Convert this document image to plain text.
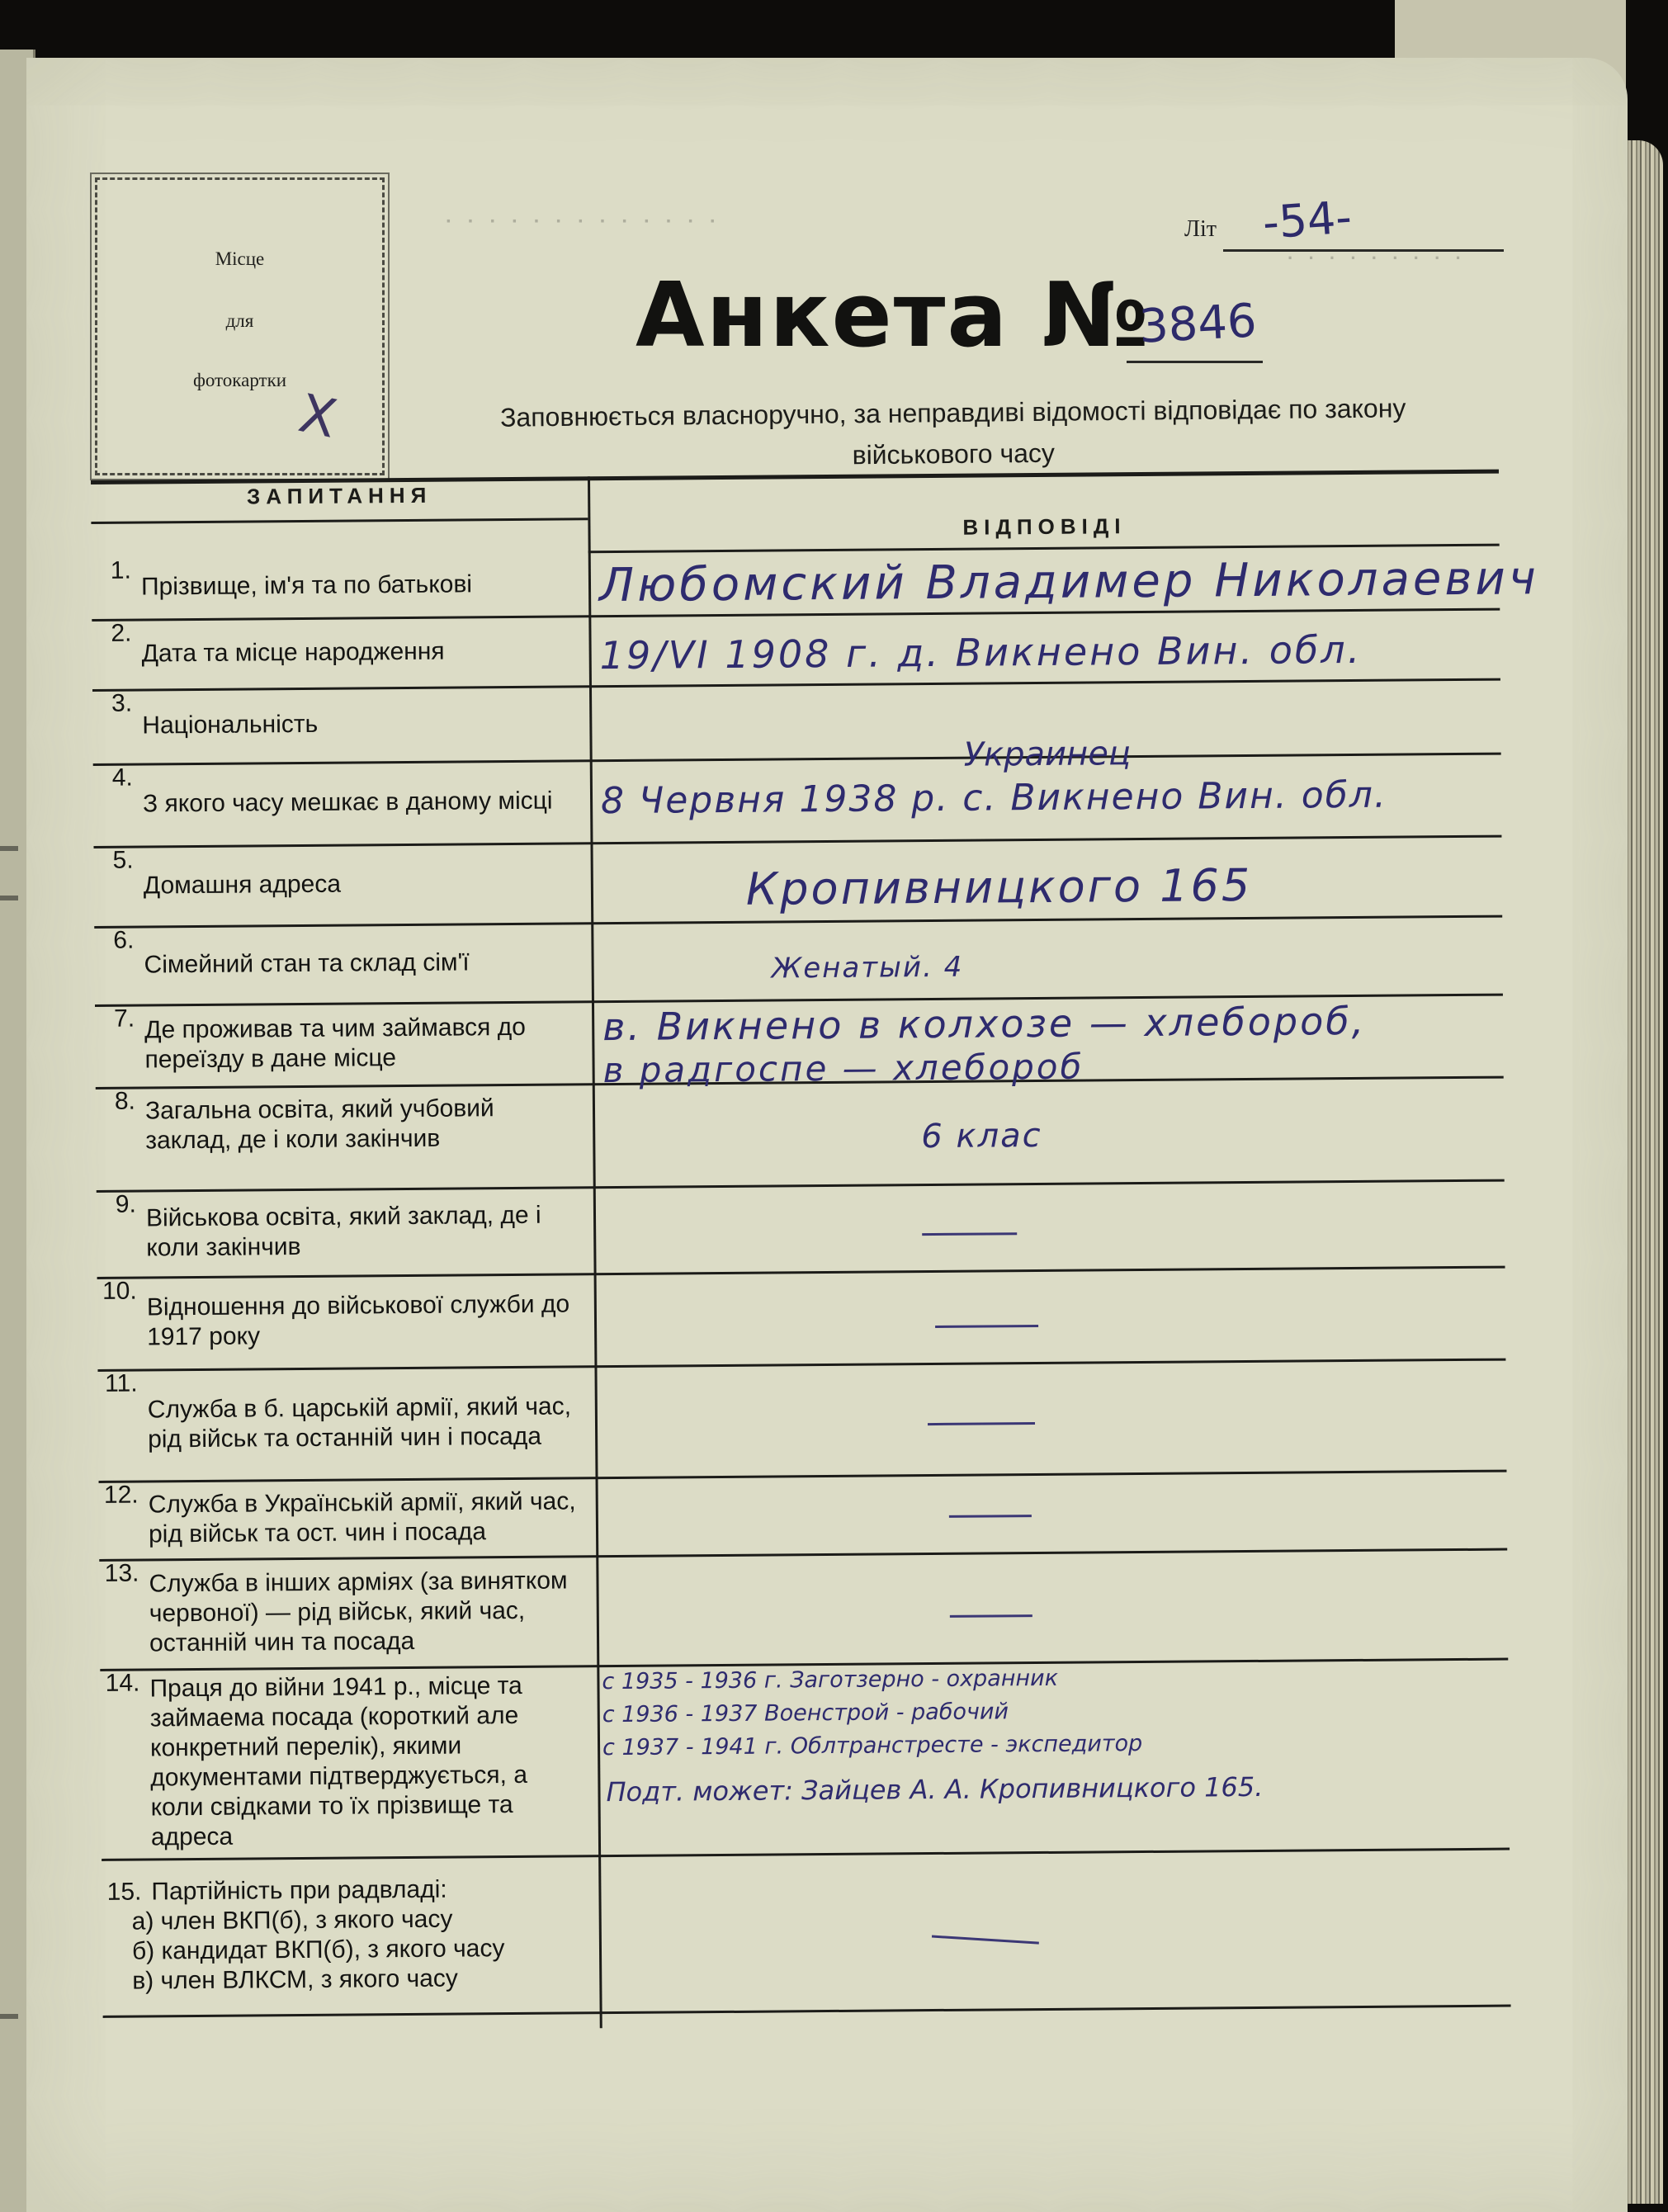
· · · · · · · · · · · · ·
· · · · · · · · ·
Місце
для
фотокартки
X
Літ -54-
Анкета №
3846
Заповнюється власноручно, за неправдиві відомості відповідає по закону
військового часу
ЗАПИТАННЯ
ВІДПОВІДІ
1.
Прізвище, ім'я та по батькові
2.
Дата та місце народження
3.
Національність
4.
З якого часу мешкає в даному місці
5.
Домашня адреса
6.
Сімейний стан та склад сім'ї
7. Де проживав та чим займався до переїзду в дане місце
8. Загальна освіта, який учбовий заклад, де і коли закінчив
9. Військова освіта, який заклад, де і коли закінчив
10. Відношення до військової служби до 1917 року
11.
Служба в б. царській армії, який час, рід військ та останній чин і посада
12. Служба в Українській армії, який час, рід військ та ост. чин і посада
13. Служба в інших арміях (за винятком червоної) — рід військ, який час, останній чин та посада
14. Праця до війни 1941 р., місце та займаема посада (короткий але конкретний перелік), якими документами підтверджується, а коли свідками то їх прізвище та адреса
15. Партійність при радвладі:
а) член ВКП(б), з якого часу
б) кандидат ВКП(б), з якого часу
в) член ВЛКСМ, з якого часу
Любомский Владимер Николаевич
19/VI 1908 г. д. Викнено Вин. обл.
Украинец
8 Червня 1938 р. с. Викнено Вин. обл.
Кропивницкого 165
Женатый. 4
в. Викнено в колхозе — хлебороб,
в радгоспе — хлебороб
6 клас
с 1935 - 1936 г. Заготзерно - охранник
с 1936 - 1937 Военстрой - рабочий
с 1937 - 1941 г. Облтранстресте - экспедитор
Подт. может: Зайцев А. А. Кропивницкого 165.
